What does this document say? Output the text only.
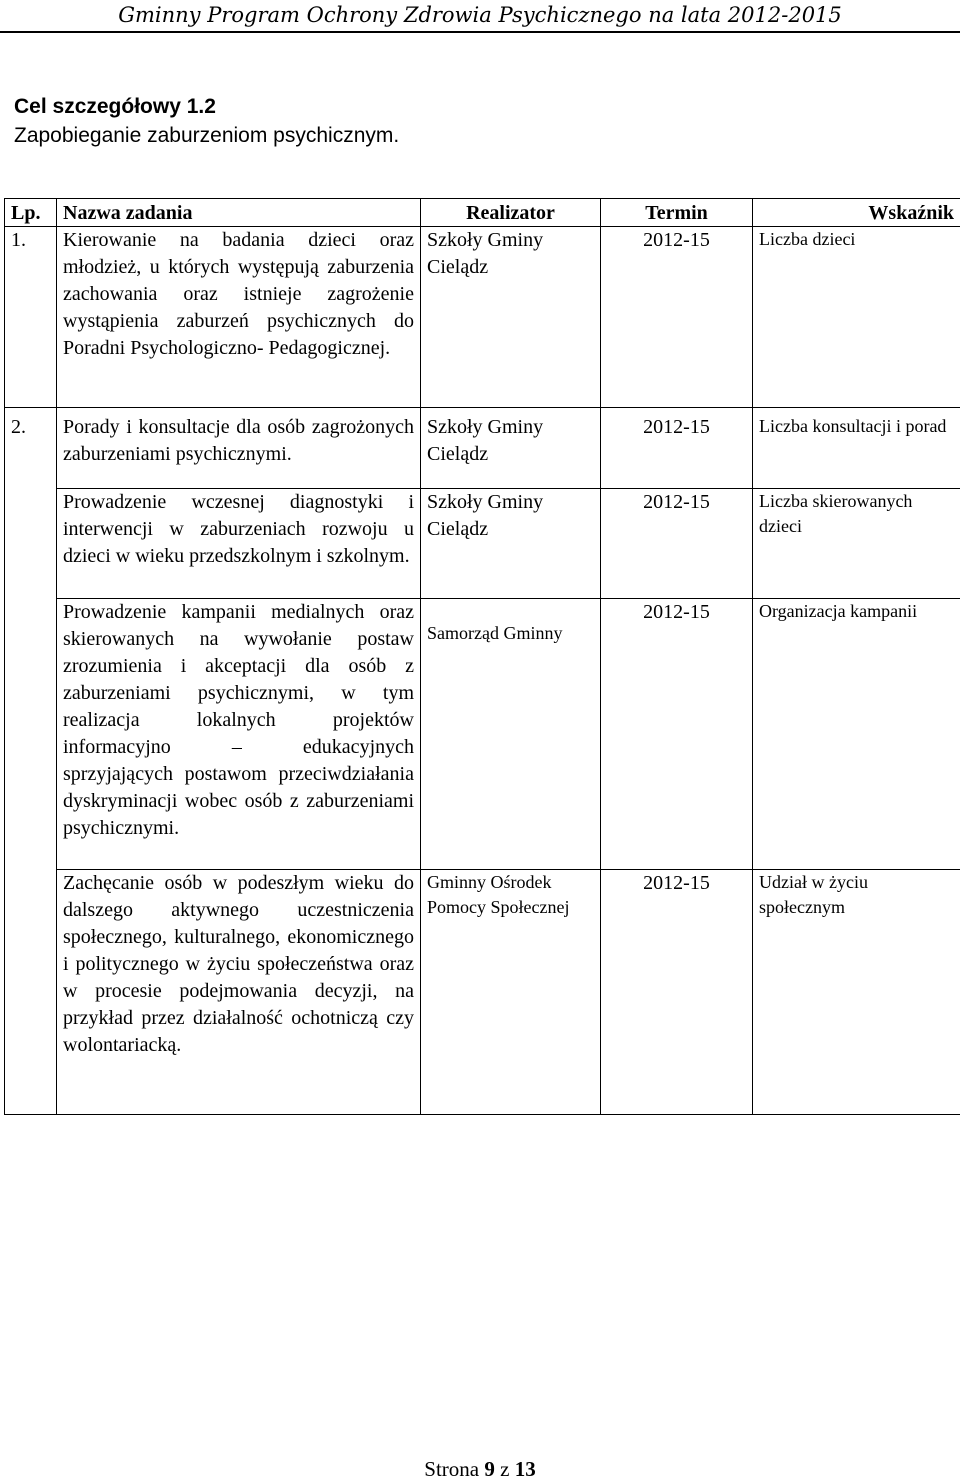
Gminny Program Ochrony Zdrowia Psychicznego na lata 2012-2015
Cel szczegółowy 1.2
Zapobieganie zaburzeniom psychicznym.
Lp.	Nazwa zadania	Realizator	Termin	Wskaźnik
1.	Kierowanie na badania dzieci oraz młodzież, u których występują zaburzenia zachowania oraz istnieje zagrożenie wystąpienia zaburzeń psychicznych do Poradni Psychologiczno- Pedagogicznej.	Szkoły Gminy Cielądz	2012-15	Liczba dzieci
2.	Porady i konsultacje dla osób zagrożonych zaburzeniami psychicznymi.	Szkoły Gminy Cielądz	2012-15	Liczba konsultacji i porad
	Prowadzenie wczesnej diagnostyki i interwencji w zaburzeniach rozwoju u dzieci w wieku przedszkolnym i szkolnym.	Szkoły Gminy Cielądz	2012-15	Liczba skierowanych dzieci
	Prowadzenie kampanii medialnych oraz skierowanych na wywołanie postaw zrozumienia i akceptacji dla osób z zaburzeniami psychicznymi, w tym realizacja lokalnych projektów informacyjno – edukacyjnych sprzyjających postawom przeciwdziałania dyskryminacji wobec osób z zaburzeniami psychicznymi.	Samorząd Gminny	2012-15	Organizacja kampanii
	Zachęcanie osób w podeszłym wieku do dalszego aktywnego uczestniczenia społecznego, kulturalnego, ekonomicznego i politycznego w życiu społeczeństwa oraz w procesie podejmowania decyzji, na przykład przez działalność ochotniczą czy wolontariacką.	Gminny Ośrodek Pomocy Społecznej	2012-15	Udział w życiu społecznym
Strona 9 z 13
